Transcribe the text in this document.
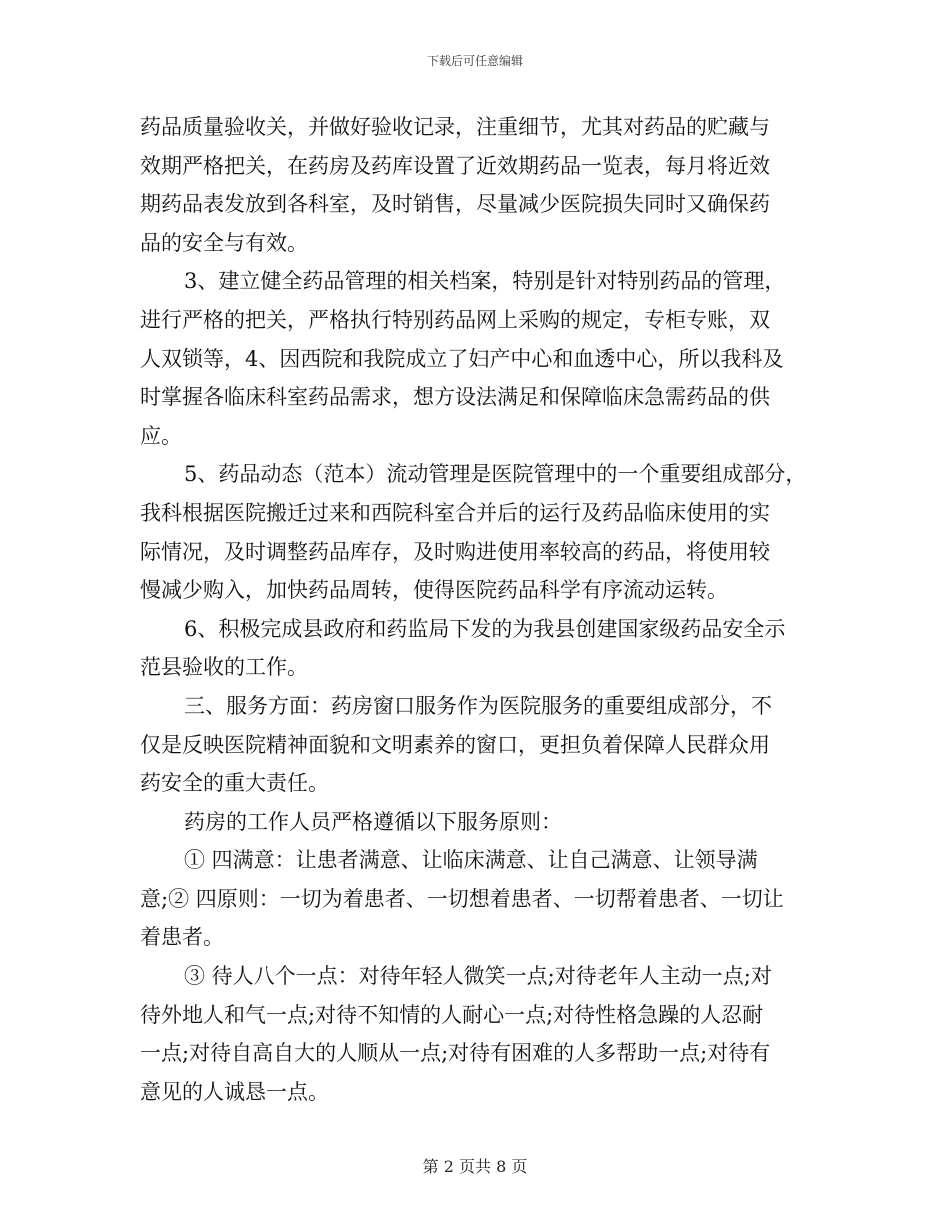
下载后可任意编辑
药品质量验收关，并做好验收记录，注重细节，尤其对药品的贮藏与
效期严格把关，在药房及药库设置了近效期药品一览表，每月将近效
期药品表发放到各科室，及时销售，尽量减少医院损失同时又确保药
品的安全与有效。
3、建立健全药品管理的相关档案，特别是针对特别药品的管理，
进行严格的把关，严格执行特别药品网上采购的规定，专柜专账，双
人双锁等，4、因西院和我院成立了妇产中心和血透中心，所以我科及
时掌握各临床科室药品需求，想方设法满足和保障临床急需药品的供
应。
5、药品动态（范本）流动管理是医院管理中的一个重要组成部分，
我科根据医院搬迁过来和西院科室合并后的运行及药品临床使用的实
际情况，及时调整药品库存，及时购进使用率较高的药品，将使用较
慢减少购入，加快药品周转，使得医院药品科学有序流动运转。
6、积极完成县政府和药监局下发的为我县创建国家级药品安全示
范县验收的工作。
三、服务方面：药房窗口服务作为医院服务的重要组成部分，不
仅是反映医院精神面貌和文明素养的窗口，更担负着保障人民群众用
药安全的重大责任。
药房的工作人员严格遵循以下服务原则：
① 四满意：让患者满意、让临床满意、让自己满意、让领导满
意;② 四原则：一切为着患者、一切想着患者、一切帮着患者、一切让
着患者。
③ 待人八个一点：对待年轻人微笑一点;对待老年人主动一点;对
待外地人和气一点;对待不知情的人耐心一点;对待性格急躁的人忍耐
一点;对待自高自大的人顺从一点;对待有困难的人多帮助一点;对待有
意见的人诚恳一点。
第 2 页共 8 页
